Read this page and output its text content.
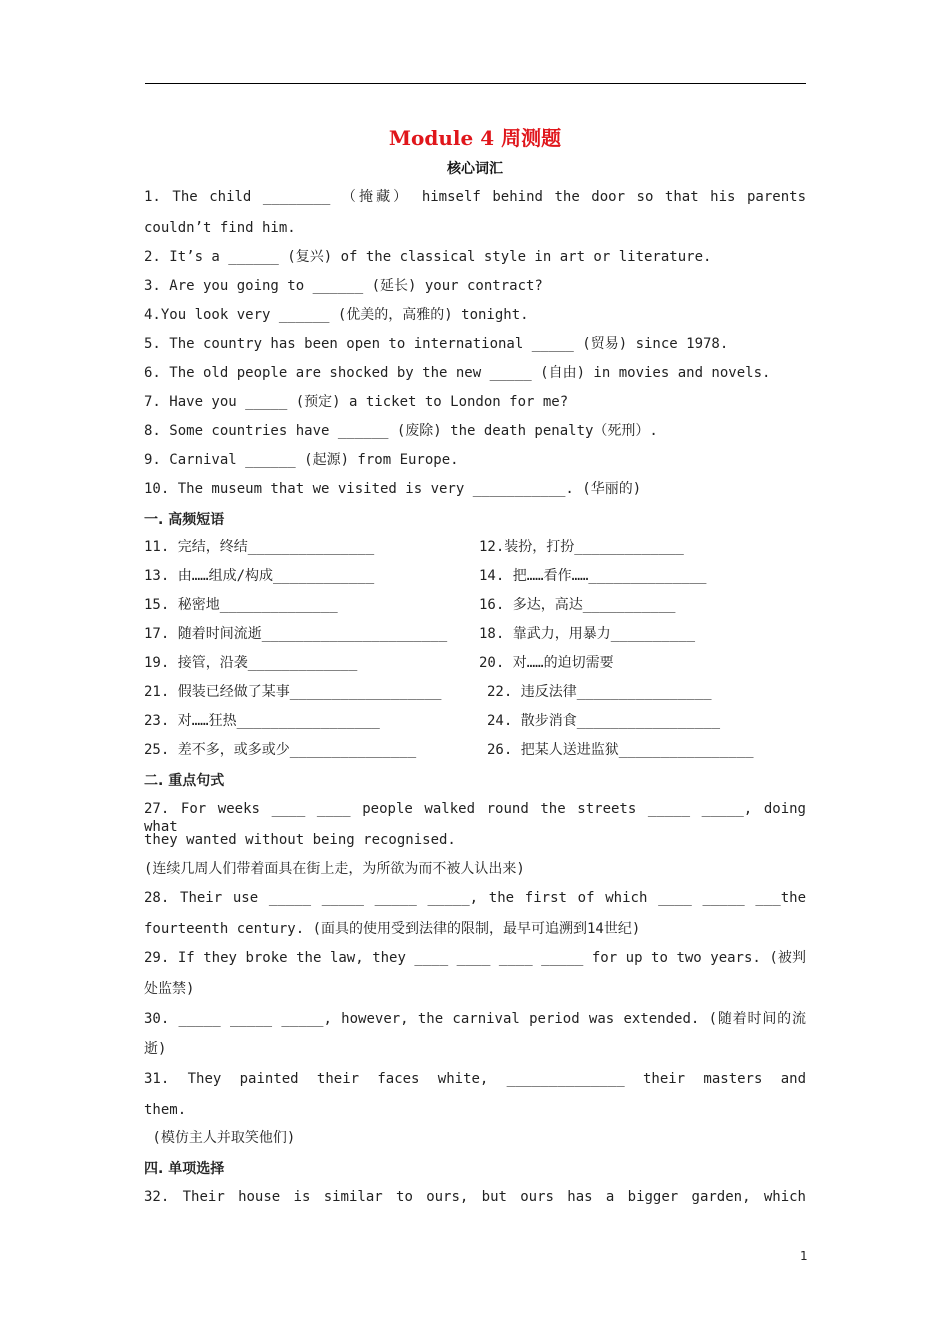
Module 4 周测题
核心词汇
1. The child ________ （掩藏） himself behind the door so that his parents
couldn’t find him.
2. It’s a ______ (复兴) of the classical style in art or literature.
3. Are you going to ______ (延长) your contract?
4.You look very ______ (优美的，高雅的) tonight.
5. The country has been open to international _____ (贸易) since 1978.
6. The old people are shocked by the new _____ (自由) in movies and novels.
7. Have you _____ (预定) a ticket to London for me?
8. Some countries have ______ (废除) the death penalty（死刑）.
9. Carnival ______ (起源) from Europe.
10. The museum that we visited is very ___________. (华丽的)
一. 高频短语
11. 完结，终结_______________	12.装扮，打扮_____________
13. 由……组成/构成____________	14. 把……看作……______________
15. 秘密地______________	16. 多达，高达___________
17. 随着时间流逝______________________ 18. 靠武力，用暴力__________
19. 接管，沿袭_____________	20. 对……的迫切需要
21. 假装已经做了某事__________________	22. 违反法律________________
23. 对……狂热_________________	24. 散步消食_________________
25. 差不多，或多或少_______________	26. 把某人送进监狱________________
二. 重点句式
27. For weeks ____ ____ people walked round the streets _____ _____, doing what
they wanted without being recognised.
(连续几周人们带着面具在街上走，为所欲为而不被人认出来)
28. Their use _____ _____ _____ _____, the first of which ____ _____ ___the
fourteenth century. (面具的使用受到法律的限制，最早可追溯到14世纪)
29. If they broke the law, they ____ ____ ____ _____ for up to two years. (被判
处监禁)
30. _____ _____ _____, however, the carnival period was extended. (随着时间的流
逝)
31. They painted their faces white, ______________ their masters and
them.
(模仿主人并取笑他们)
四. 单项选择
32. Their house is similar to ours, but ours has a bigger garden, which
1
